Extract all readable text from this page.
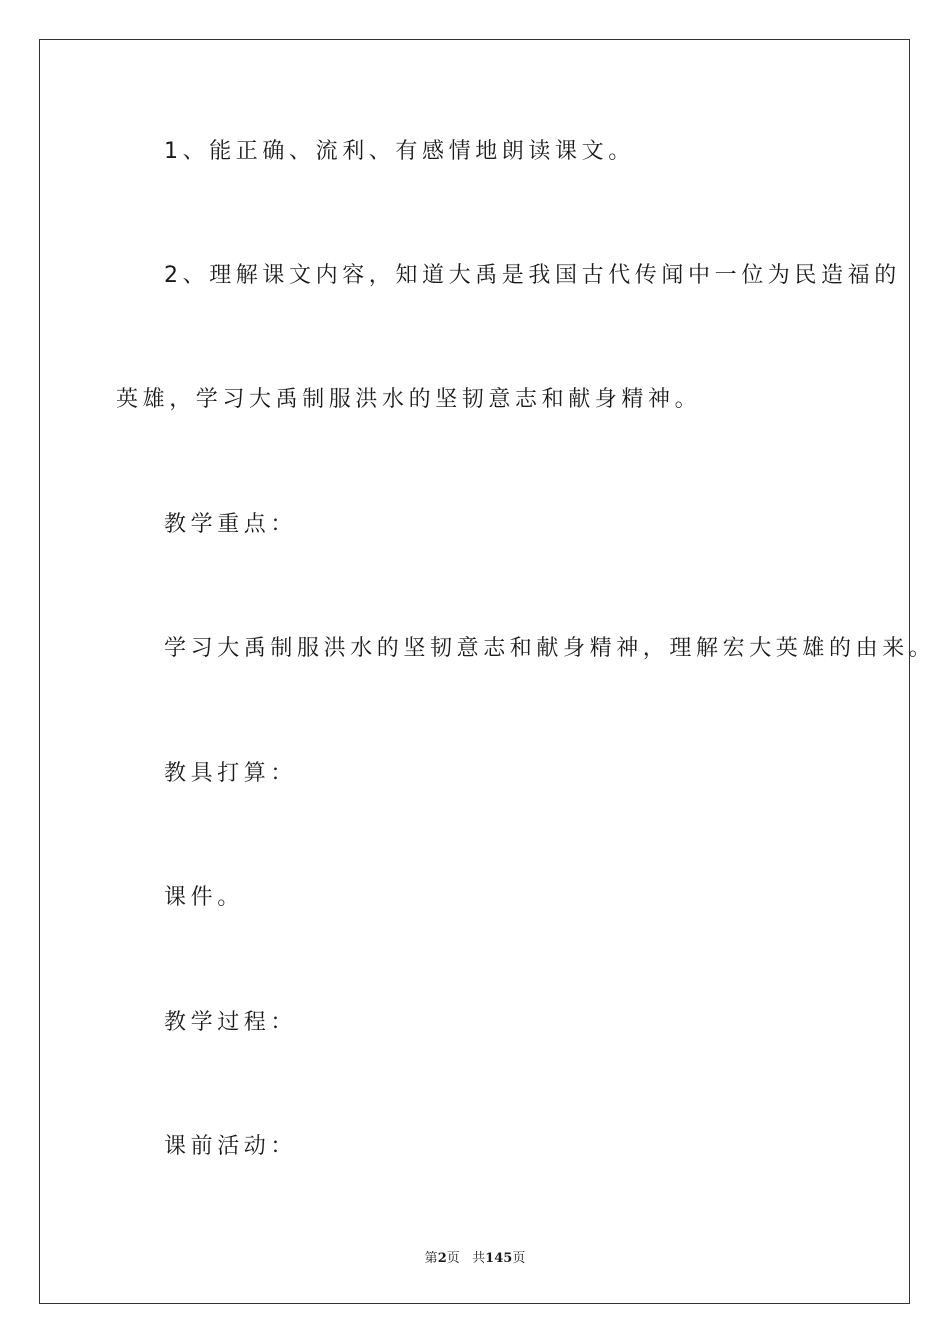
1、能正确、流利、有感情地朗读课文。
2、理解课文内容，知道大禹是我国古代传闻中一位为民造福的
英雄，学习大禹制服洪水的坚韧意志和献身精神。
教学重点：
学习大禹制服洪水的坚韧意志和献身精神，理解宏大英雄的由来。
教具打算：
课件。
教学过程：
课前活动：
第2页 共145页
